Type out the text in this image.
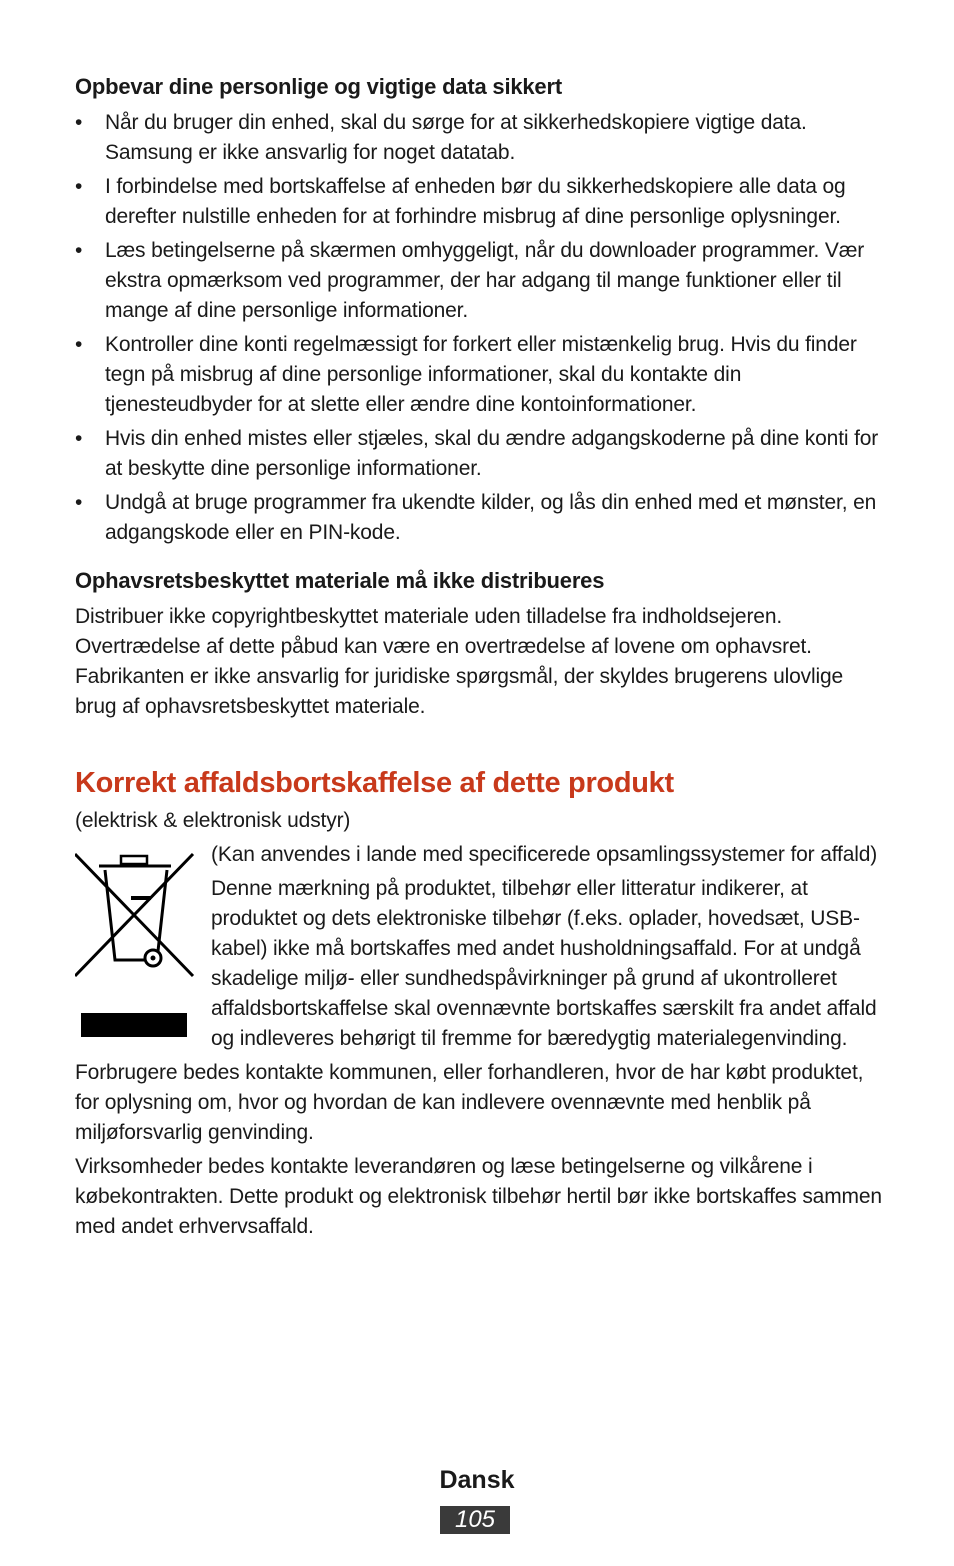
Opbevar dine personlige og vigtige data sikkert
•	Når du bruger din enhed, skal du sørge for at sikkerhedskopiere vigtige data. Samsung er ikke ansvarlig for noget datatab.
•	I forbindelse med bortskaffelse af enheden bør du sikkerhedskopiere alle data og derefter nulstille enheden for at forhindre misbrug af dine personlige oplysninger.
•	Læs betingelserne på skærmen omhyggeligt, når du downloader programmer. Vær ekstra opmærksom ved programmer, der har adgang til mange funktioner eller til mange af dine personlige informationer.
•	Kontroller dine konti regelmæssigt for forkert eller mistænkelig brug. Hvis du finder tegn på misbrug af dine personlige informationer, skal du kontakte din tjenesteudbyder for at slette eller ændre dine kontoinformationer.
•	Hvis din enhed mistes eller stjæles, skal du ændre adgangskoderne på dine konti for at beskytte dine personlige informationer.
•	Undgå at bruge programmer fra ukendte kilder, og lås din enhed med et mønster, en adgangskode eller en PIN-kode.
Ophavsretsbeskyttet materiale må ikke distribueres

Distribuer ikke copyrightbeskyttet materiale uden tilladelse fra indholdsejeren. Overtrædelse af dette påbud kan være en overtrædelse af lovene om ophavsret. Fabrikanten er ikke ansvarlig for juridiske spørgsmål, der skyldes brugerens ulovlige brug af ophavsretsbeskyttet materiale.

Korrekt affaldsbortskaffelse af dette produkt

(elektrisk & elektronisk udstyr)

(Kan anvendes i lande med specificerede opsamlingssystemer for affald)

Denne mærkning på produktet, tilbehør eller litteratur indikerer, at produktet og dets elektroniske tilbehør (f.eks. oplader, hovedsæt, USB-kabel) ikke må bortskaffes med andet husholdningsaffald. For at undgå skadelige miljø- eller sundhedspåvirkninger på grund af ukontrolleret affaldsbortskaffelse skal ovennævnte bortskaffes særskilt fra andet affald og indleveres behørigt til fremme for bæredygtig materialegenvinding.

Forbrugere bedes kontakte kommunen, eller forhandleren, hvor de har købt produktet, for oplysning om, hvor og hvordan de kan indlevere ovennævnte med henblik på miljøforsvarlig genvinding.

Virksomheder bedes kontakte leverandøren og læse betingelserne og vilkårene i købekontrakten. Dette produkt og elektronisk tilbehør hertil bør ikke bortskaffes sammen med andet erhvervsaffald.

Dansk
105
